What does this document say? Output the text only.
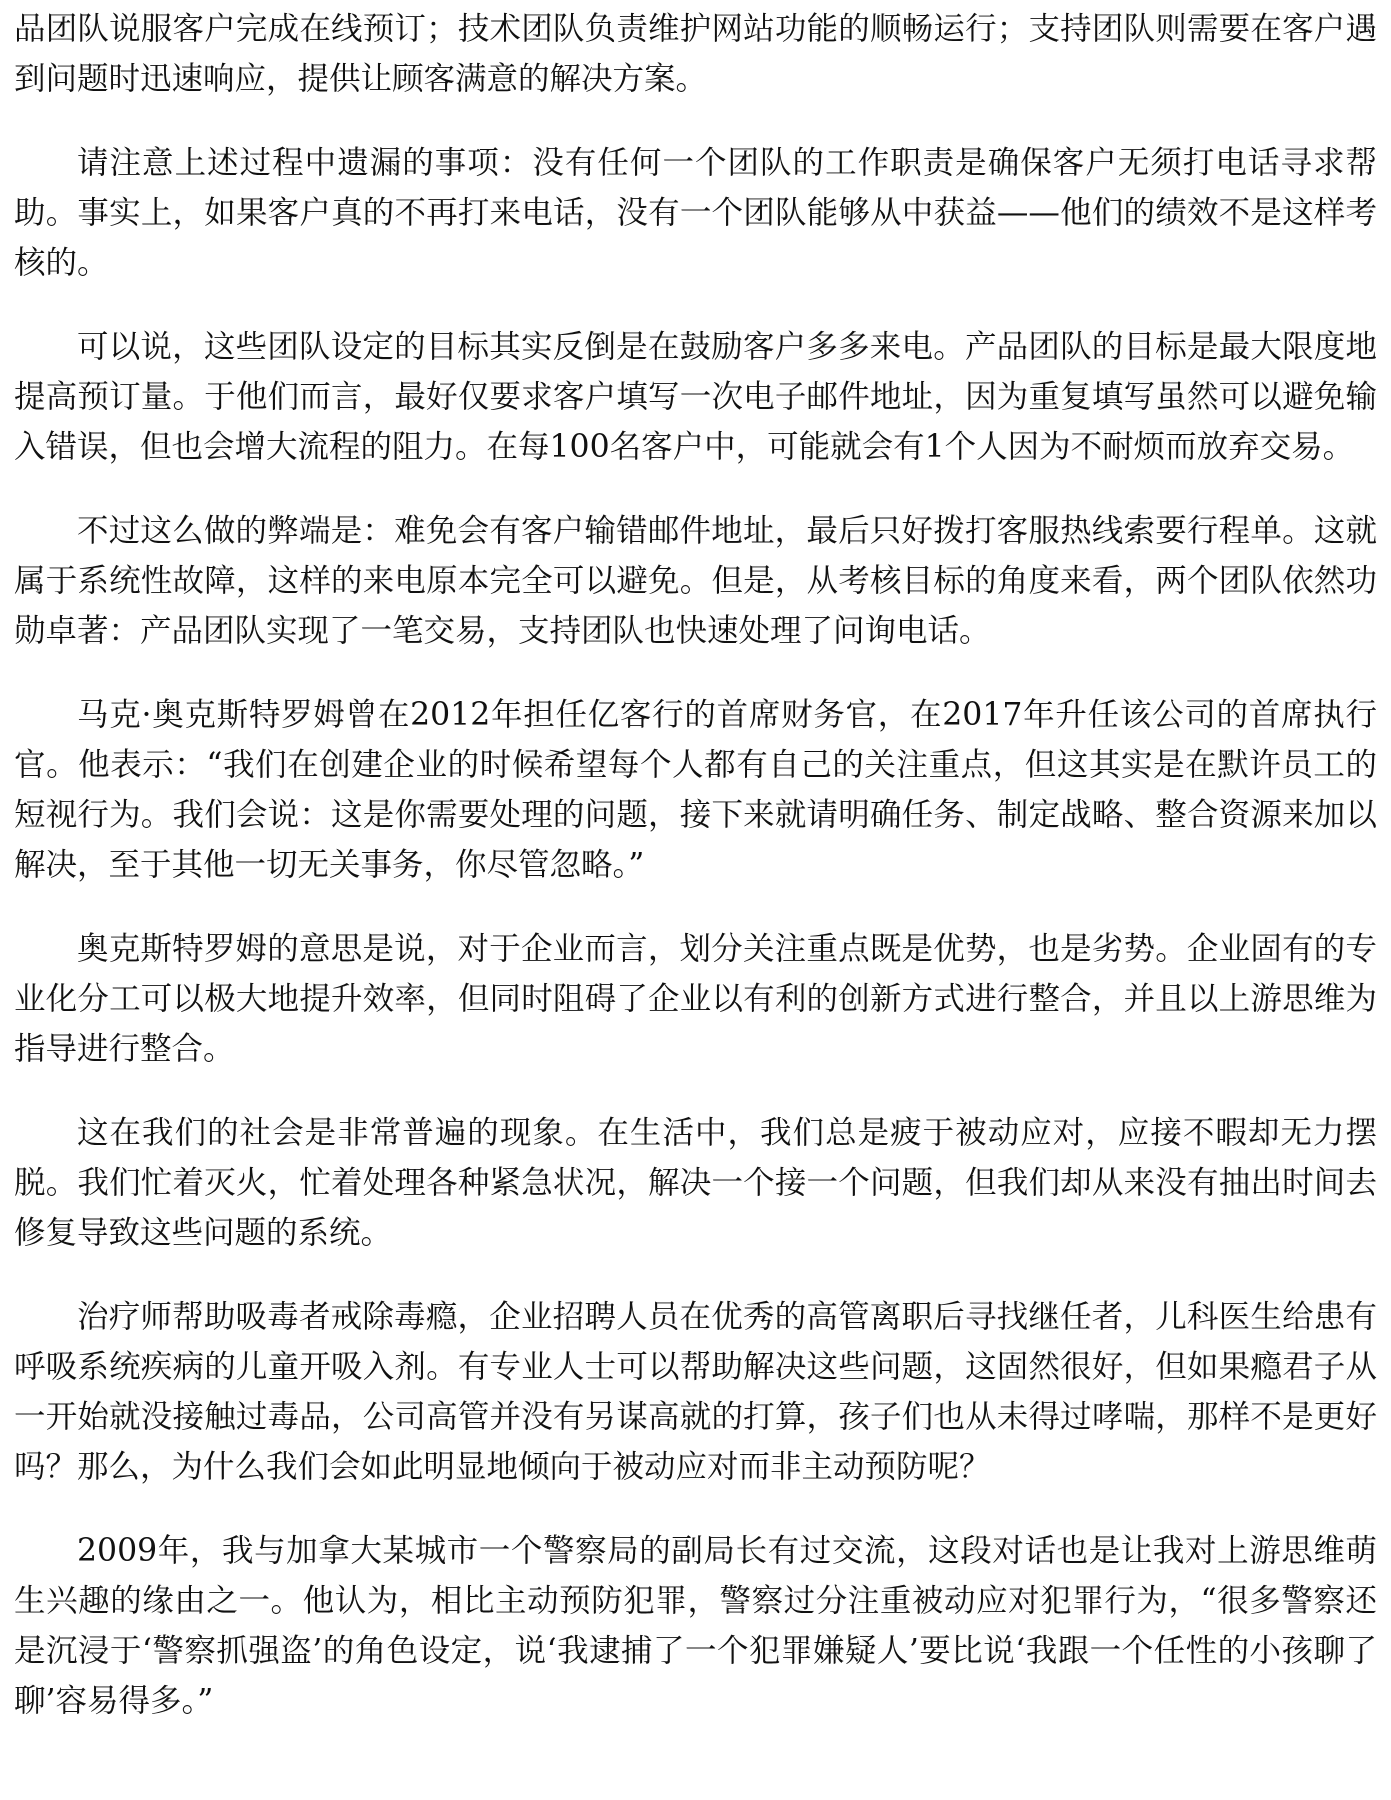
品团队说服客户完成在线预订；技术团队负责维护网站功能的顺畅运行；支持团队则需要在客户遇到问题时迅速响应，提供让顾客满意的解决方案。

请注意上述过程中遗漏的事项：没有任何一个团队的工作职责是确保客户无须打电话寻求帮助。事实上，如果客户真的不再打来电话，没有一个团队能够从中获益——他们的绩效不是这样考核的。

可以说，这些团队设定的目标其实反倒是在鼓励客户多多来电。产品团队的目标是最大限度地提高预订量。于他们而言，最好仅要求客户填写一次电子邮件地址，因为重复填写虽然可以避免输入错误，但也会增大流程的阻力。在每100名客户中，可能就会有1个人因为不耐烦而放弃交易。

不过这么做的弊端是：难免会有客户输错邮件地址，最后只好拨打客服热线索要行程单。这就属于系统性故障，这样的来电原本完全可以避免。但是，从考核目标的角度来看，两个团队依然功勋卓著：产品团队实现了一笔交易，支持团队也快速处理了问询电话。

马克·奥克斯特罗姆曾在2012年担任亿客行的首席财务官，在2017年升任该公司的首席执行官。他表示：“我们在创建企业的时候希望每个人都有自己的关注重点，但这其实是在默许员工的短视行为。我们会说：这是你需要处理的问题，接下来就请明确任务、制定战略、整合资源来加以解决，至于其他一切无关事务，你尽管忽略。”

奥克斯特罗姆的意思是说，对于企业而言，划分关注重点既是优势，也是劣势。企业固有的专业化分工可以极大地提升效率，但同时阻碍了企业以有利的创新方式进行整合，并且以上游思维为指导进行整合。

这在我们的社会是非常普遍的现象。在生活中，我们总是疲于被动应对，应接不暇却无力摆脱。我们忙着灭火，忙着处理各种紧急状况，解决一个接一个问题，但我们却从来没有抽出时间去修复导致这些问题的系统。

治疗师帮助吸毒者戒除毒瘾，企业招聘人员在优秀的高管离职后寻找继任者，儿科医生给患有呼吸系统疾病的儿童开吸入剂。有专业人士可以帮助解决这些问题，这固然很好，但如果瘾君子从一开始就没接触过毒品，公司高管并没有另谋高就的打算，孩子们也从未得过哮喘，那样不是更好吗？那么，为什么我们会如此明显地倾向于被动应对而非主动预防呢？

2009年，我与加拿大某城市一个警察局的副局长有过交流，这段对话也是让我对上游思维萌生兴趣的缘由之一。他认为，相比主动预防犯罪，警察过分注重被动应对犯罪行为，“很多警察还是沉浸于‘警察抓强盗’的角色设定，说‘我逮捕了一个犯罪嫌疑人’要比说‘我跟一个任性的小孩聊了聊’容易得多。”
